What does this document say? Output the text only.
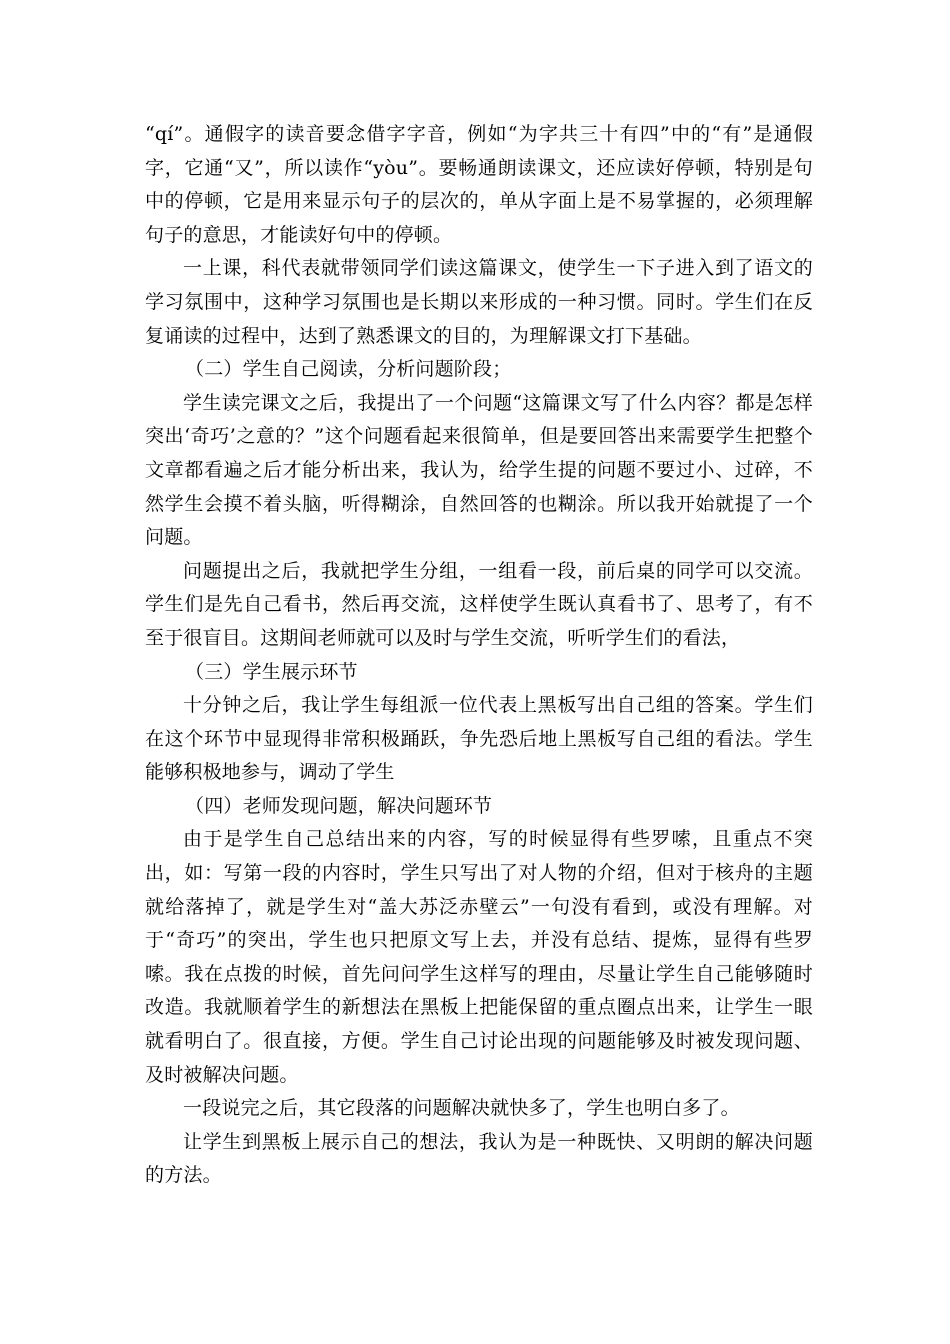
“qí”。通假字的读音要念借字字音，例如“为字共三十有四”中的“有”是通假字，它通“又”，所以读作“yòu”。要畅通朗读课文，还应读好停顿，特别是句中的停顿，它是用来显示句子的层次的，单从字面上是不易掌握的，必须理解句子的意思，才能读好句中的停顿。

一上课，科代表就带领同学们读这篇课文，使学生一下子进入到了语文的学习氛围中，这种学习氛围也是长期以来形成的一种习惯。同时。学生们在反复诵读的过程中，达到了熟悉课文的目的，为理解课文打下基础。

（二）学生自己阅读，分析问题阶段；

学生读完课文之后，我提出了一个问题“这篇课文写了什么内容？都是怎样突出‘奇巧’之意的？”这个问题看起来很简单，但是要回答出来需要学生把整个文章都看遍之后才能分析出来，我认为，给学生提的问题不要过小、过碎，不然学生会摸不着头脑，听得糊涂，自然回答的也糊涂。所以我开始就提了一个问题。

问题提出之后，我就把学生分组，一组看一段，前后桌的同学可以交流。学生们是先自己看书，然后再交流，这样使学生既认真看书了、思考了，有不至于很盲目。这期间老师就可以及时与学生交流，听听学生们的看法，

（三）学生展示环节

十分钟之后，我让学生每组派一位代表上黑板写出自己组的答案。学生们在这个环节中显现得非常积极踊跃，争先恐后地上黑板写自己组的看法。学生能够积极地参与，调动了学生

（四）老师发现问题，解决问题环节

由于是学生自己总结出来的内容，写的时候显得有些罗嗦，且重点不突出，如：写第一段的内容时，学生只写出了对人物的介绍，但对于核舟的主题就给落掉了，就是学生对“盖大苏泛赤壁云”一句没有看到，或没有理解。对于“奇巧”的突出，学生也只把原文写上去，并没有总结、提炼，显得有些罗嗦。我在点拨的时候，首先问问学生这样写的理由，尽量让学生自己能够随时改造。我就顺着学生的新想法在黑板上把能保留的重点圈点出来，让学生一眼就看明白了。很直接，方便。学生自己讨论出现的问题能够及时被发现问题、及时被解决问题。

一段说完之后，其它段落的问题解决就快多了，学生也明白多了。

让学生到黑板上展示自己的想法，我认为是一种既快、又明朗的解决问题的方法。
